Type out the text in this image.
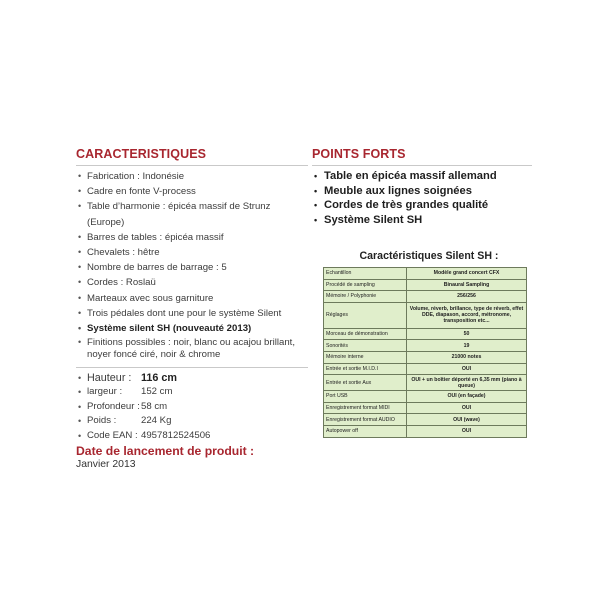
CARACTERISTIQUES
• Fabrication : Indonésie
• Cadre en fonte V-process
• Table d’harmonie : épicéa massif de Strunz (Europe)
• Barres de tables : épicéa massif
• Chevalets : hêtre
• Nombre de barres de barrage : 5
• Cordes : Roslaü
• Marteaux avec sous garniture
• Trois pédales dont une pour le système Silent
• Système silent SH (nouveauté 2013)
• Finitions possibles : noir, blanc ou acajou brillant, noyer foncé ciré, noir & chrome
• Hauteur : 116 cm
• largeur : 152 cm
• Profondeur :58 cm
• Poids :	224 Kg
• Code EAN : 4957812524506
Date de lancement de produit :
Janvier 2013
POINTS FORTS
• Table en épicéa massif allemand
• Meuble aux lignes soignées
• Cordes de très grandes qualité
• Système Silent SH
Caractéristiques Silent SH :
Echantillon	Modèle grand concert CFX
Procédé de sampling	Binaural Sampling
Mémoire / Polyphonie	256/256
Réglages	Volume, réverb, brillance, type de réverb, effet DDE, diapason, accord, métronome, transposition etc...
Morceau de démonstration	50
Sonorités	19
Mémoire interne	21000 notes
Entrée et sortie M.I.D.I	OUI
Entrée et sortie Aux	OUI + un boîtier déporté en 6,35 mm (piano à queue)
Port USB	OUI (en façade)
Enregistrement format MIDI	OUI
Enregistrement format AUDIO	OUI (wave)
Autopower off	OUI
